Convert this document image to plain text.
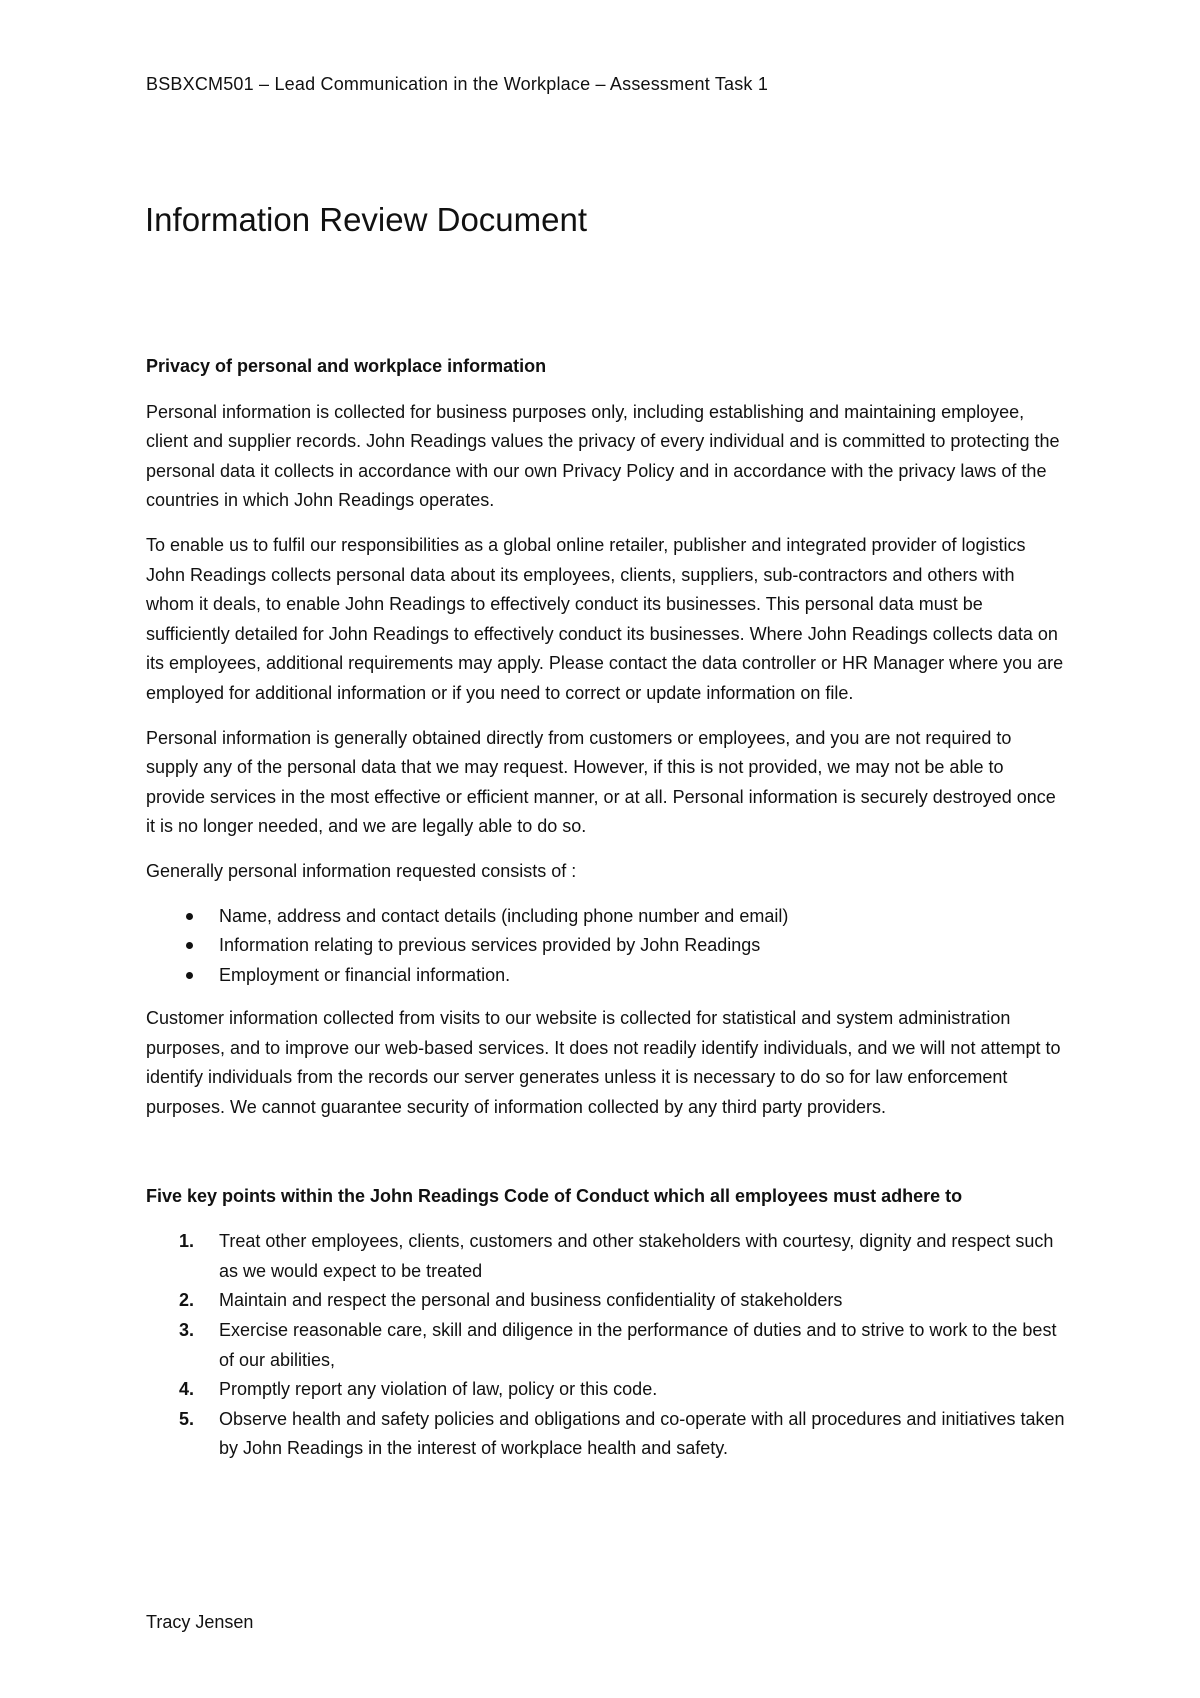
BSBXCM501 – Lead Communication in the Workplace – Assessment Task 1
Information Review Document
Privacy of personal and workplace information

Personal information is collected for business purposes only, including establishing and maintaining employee, client and supplier records. John Readings values the privacy of every individual and is committed to protecting the personal data it collects in accordance with our own Privacy Policy and in accordance with the privacy laws of the countries in which John Readings operates.

To enable us to fulfil our responsibilities as a global online retailer, publisher and integrated provider of logistics John Readings collects personal data about its employees, clients, suppliers, sub-contractors and others with whom it deals, to enable John Readings to effectively conduct its businesses. This personal data must be sufficiently detailed for John Readings to effectively conduct its businesses. Where John Readings collects data on its employees, additional requirements may apply. Please contact the data controller or HR Manager where you are employed for additional information or if you need to correct or update information on file.

Personal information is generally obtained directly from customers or employees, and you are not required to supply any of the personal data that we may request. However, if this is not provided, we may not be able to provide services in the most effective or efficient manner, or at all. Personal information is securely destroyed once it is no longer needed, and we are legally able to do so.

Generally personal information requested consists of :

Name, address and contact details (including phone number and email)
Information relating to previous services provided by John Readings
Employment or financial information.

Customer information collected from visits to our website is collected for statistical and system administration purposes, and to improve our web-based services. It does not readily identify individuals, and we will not attempt to identify individuals from the records our server generates unless it is necessary to do so for law enforcement purposes. We cannot guarantee security of information collected by any third party providers.

Five key points within the John Readings Code of Conduct which all employees must adhere to
1. Treat other employees, clients, customers and other stakeholders with courtesy, dignity and respect such as we would expect to be treated
2. Maintain and respect the personal and business confidentiality of stakeholders
3. Exercise reasonable care, skill and diligence in the performance of duties and to strive to work to the best of our abilities,
4. Promptly report any violation of law, policy or this code.
5. Observe health and safety policies and obligations and co-operate with all procedures and initiatives taken by John Readings in the interest of workplace health and safety.
Tracy Jensen
